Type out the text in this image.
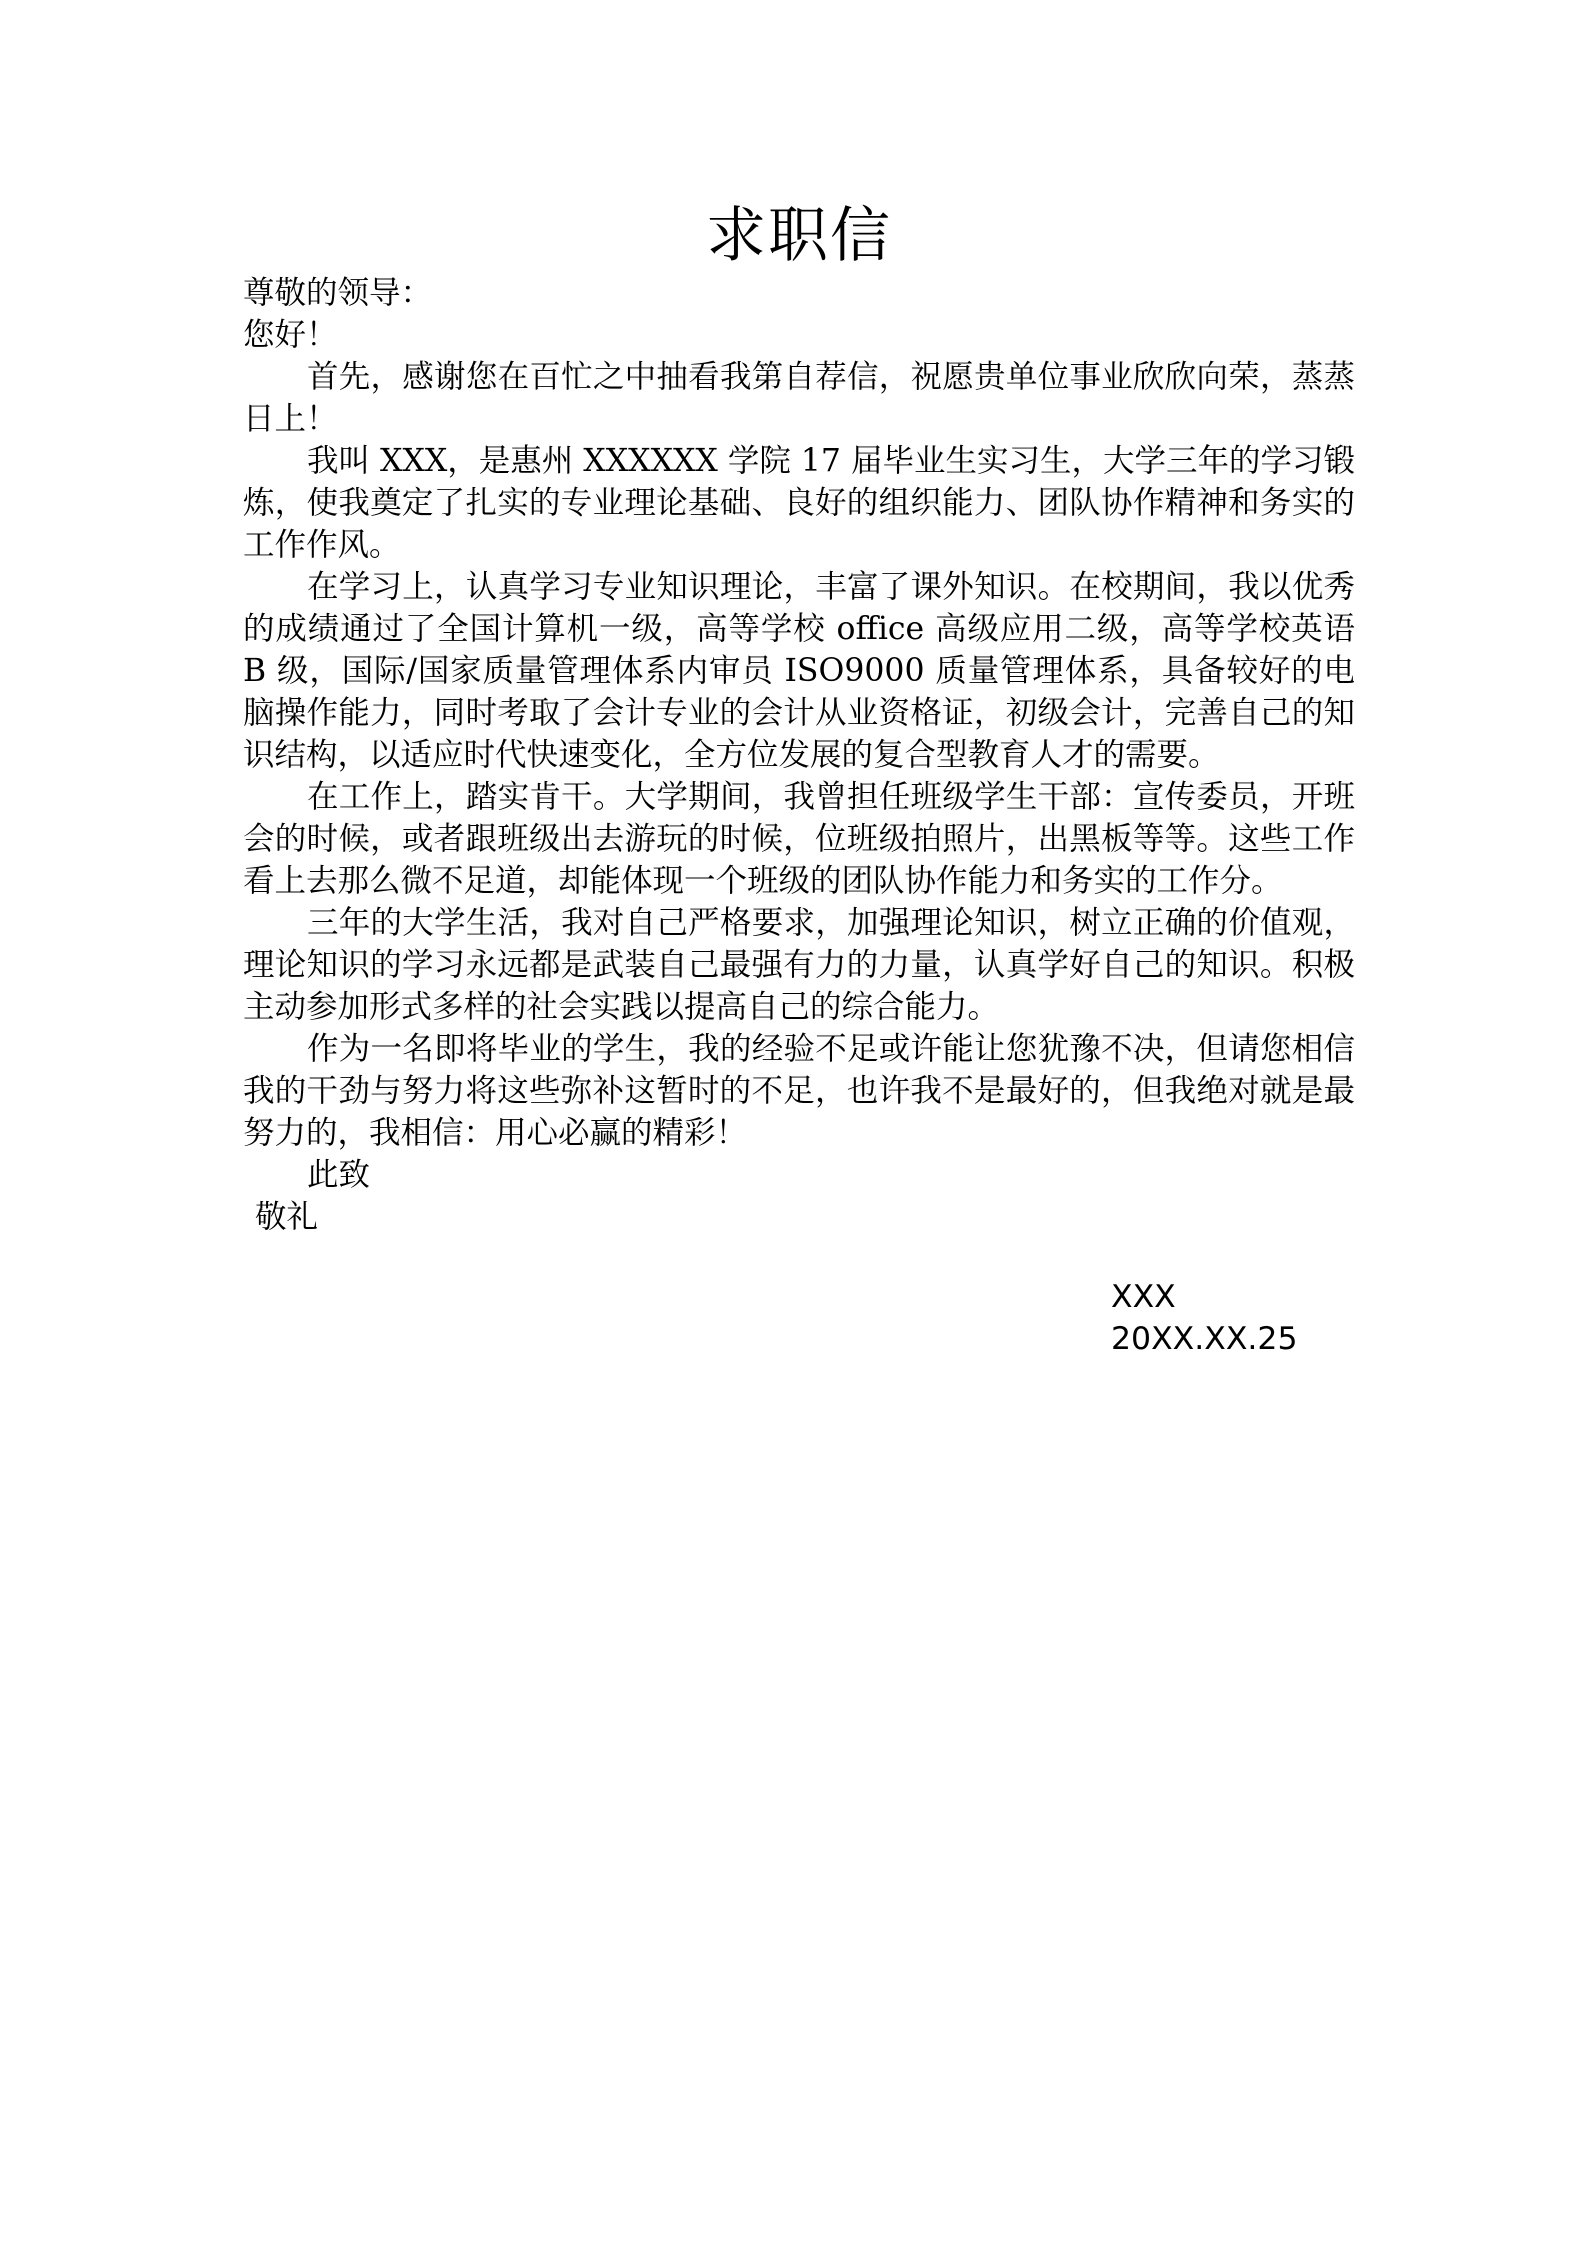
求职信

尊敬的领导：

您好！

首先，感谢您在百忙之中抽看我第自荐信，祝愿贵单位事业欣欣向荣，蒸蒸日上！

我叫 XXX，是惠州 XXXXXX 学院 17 届毕业生实习生，大学三年的学习锻炼，使我奠定了扎实的专业理论基础、良好的组织能力、团队协作精神和务实的工作作风。

在学习上，认真学习专业知识理论，丰富了课外知识。在校期间，我以优秀的成绩通过了全国计算机一级，高等学校 office 高级应用二级，高等学校英语 B 级，国际/国家质量管理体系内审员 ISO9000 质量管理体系，具备较好的电脑操作能力，同时考取了会计专业的会计从业资格证，初级会计，完善自己的知识结构，以适应时代快速变化，全方位发展的复合型教育人才的需要。

在工作上，踏实肯干。大学期间，我曾担任班级学生干部：宣传委员，开班会的时候，或者跟班级出去游玩的时候，位班级拍照片，出黑板等等。这些工作看上去那么微不足道，却能体现一个班级的团队协作能力和务实的工作分。

三年的大学生活，我对自己严格要求，加强理论知识，树立正确的价值观，理论知识的学习永远都是武装自己最强有力的力量，认真学好自己的知识。积极主动参加形式多样的社会实践以提高自己的综合能力。

作为一名即将毕业的学生，我的经验不足或许能让您犹豫不决，但请您相信我的干劲与努力将这些弥补这暂时的不足，也许我不是最好的，但我绝对就是最努力的，我相信：用心必赢的精彩！

此致

敬礼

XXX
20XX.XX.25
